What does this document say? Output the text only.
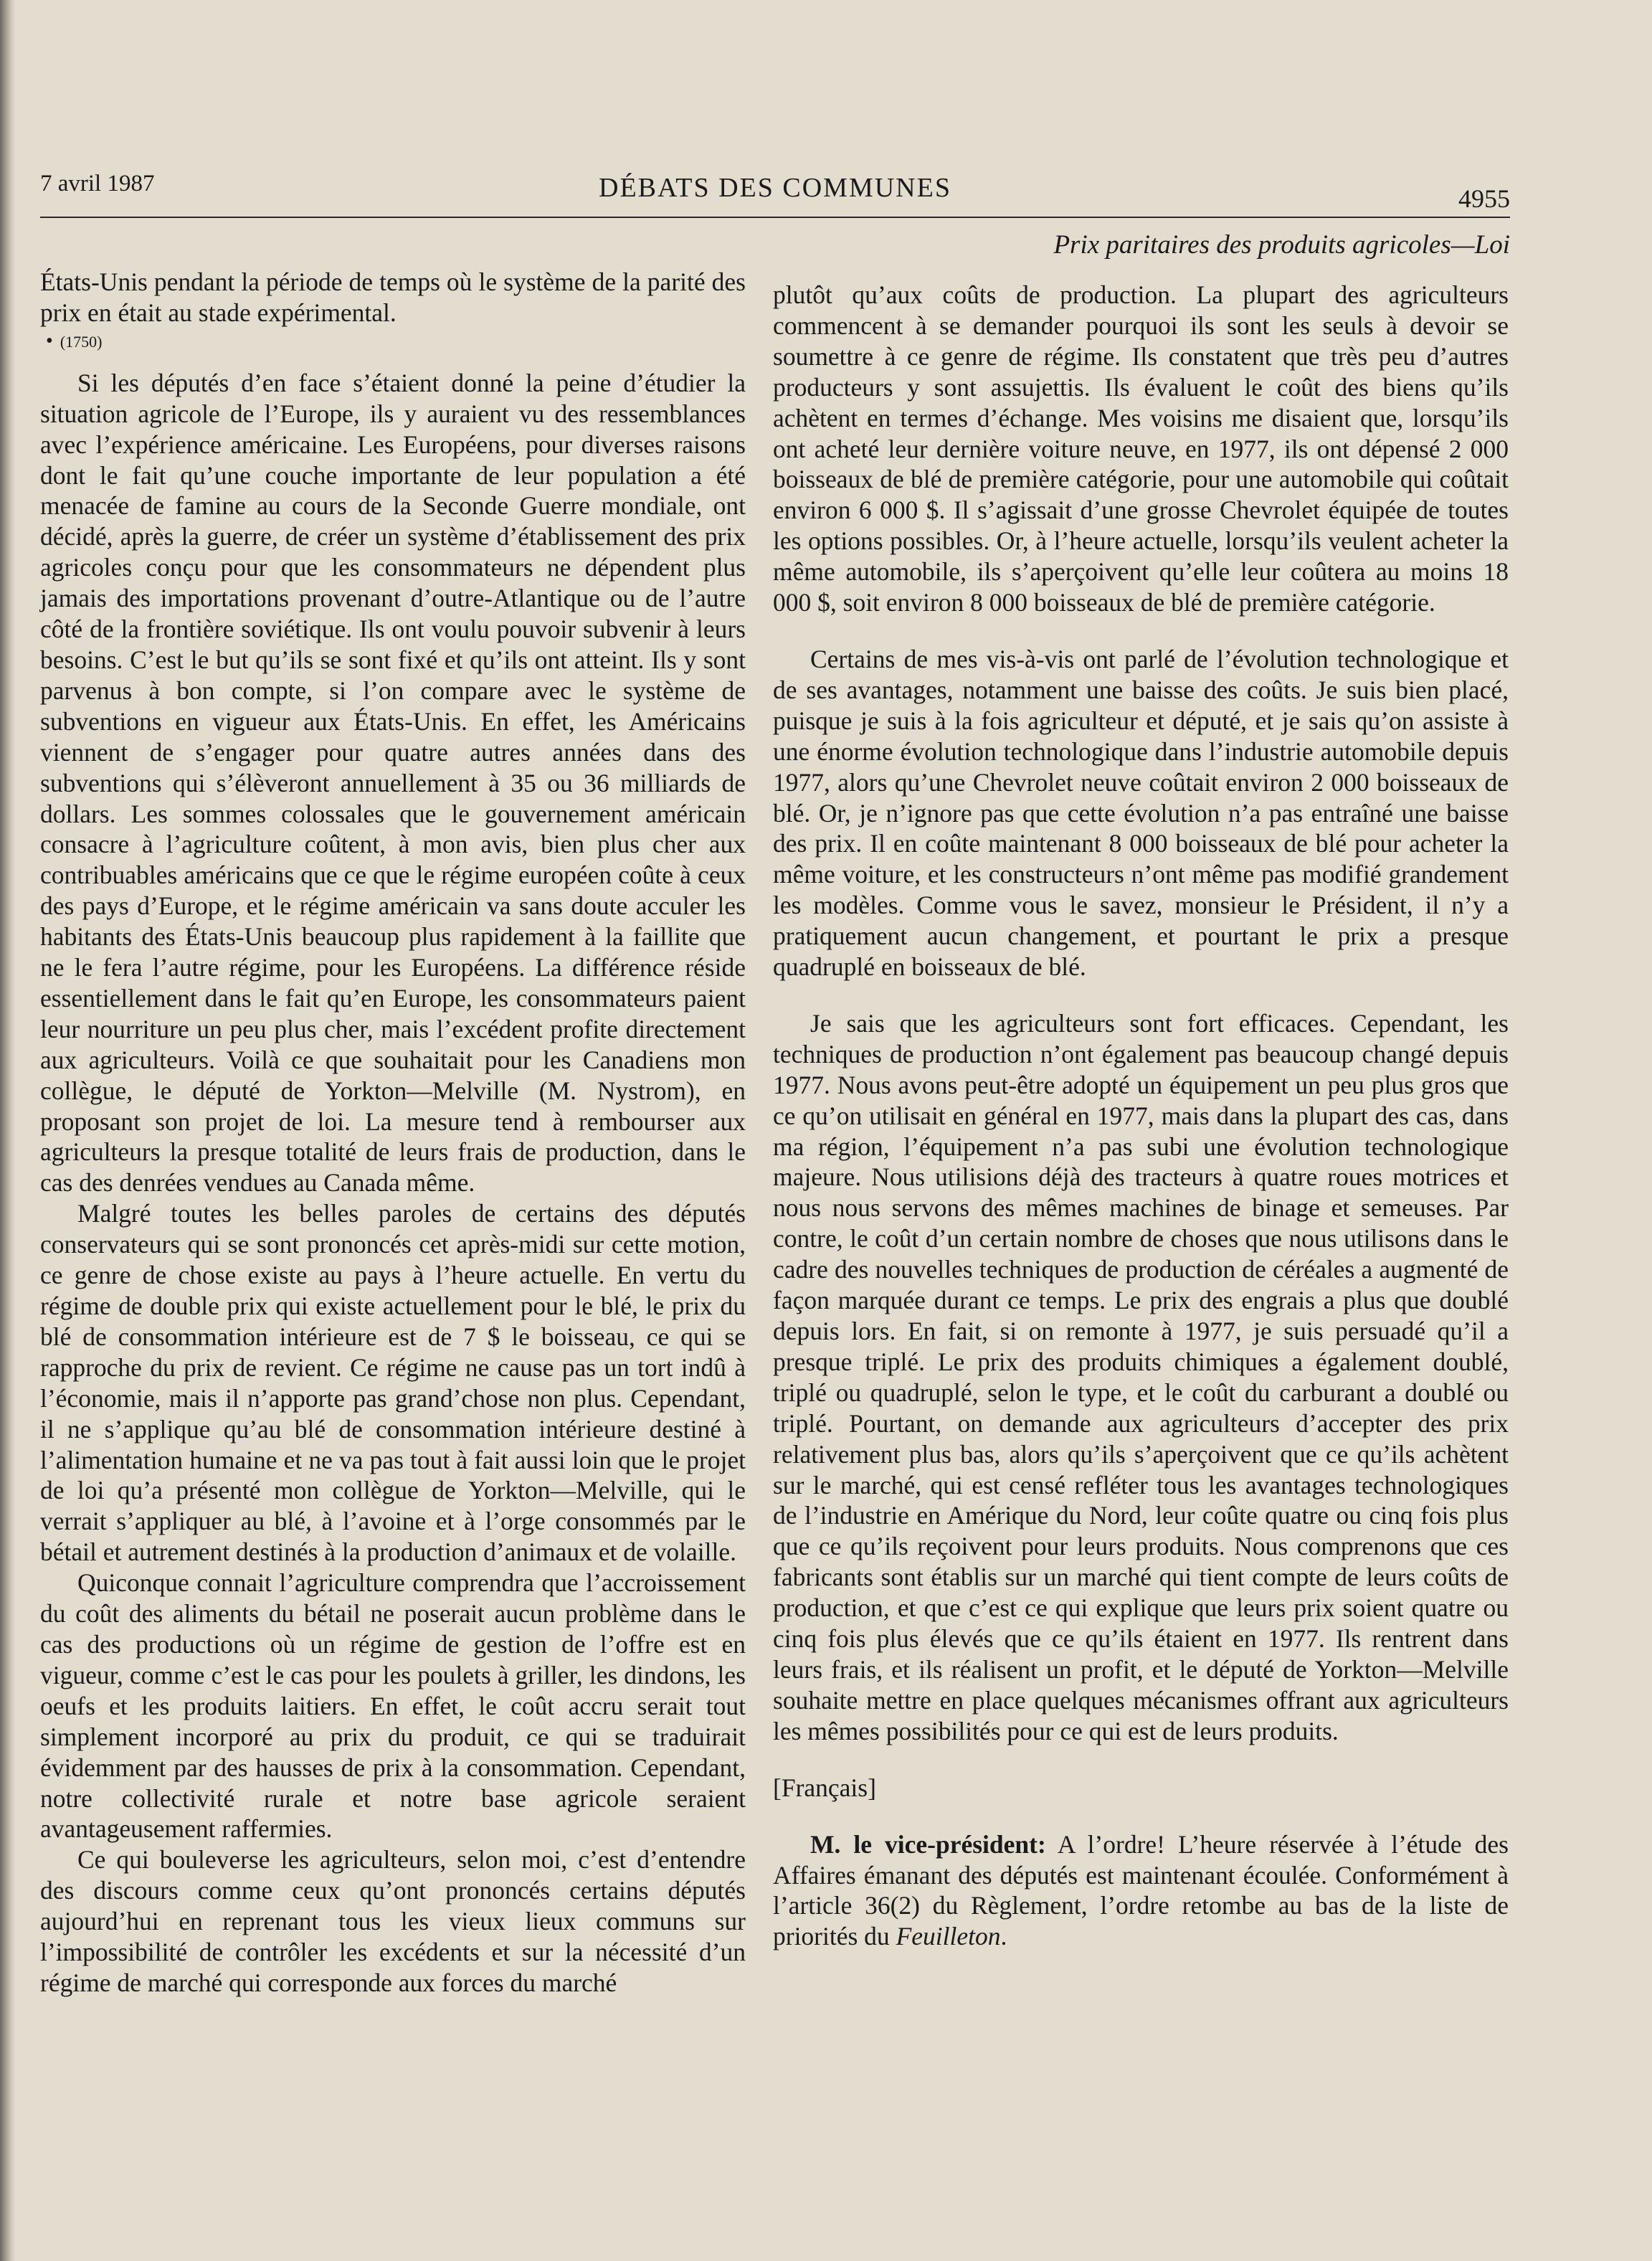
7 avril 1987	DÉBATS DES COMMUNES	4955
Prix paritaires des produits agricoles—Loi

États-Unis pendant la période de temps où le système de la parité des prix en était au stade expérimental.

• (1750)

Si les députés d’en face s’étaient donné la peine d’étudier la situation agricole de l’Europe, ils y auraient vu des ressemblances avec l’expérience américaine. Les Européens, pour diverses raisons dont le fait qu’une couche importante de leur population a été menacée de famine au cours de la Seconde Guerre mondiale, ont décidé, après la guerre, de créer un système d’établissement des prix agricoles conçu pour que les consommateurs ne dépendent plus jamais des importations provenant d’outre-Atlantique ou de l’autre côté de la frontière soviétique. Ils ont voulu pouvoir subvenir à leurs besoins. C’est le but qu’ils se sont fixé et qu’ils ont atteint. Ils y sont parvenus à bon compte, si l’on compare avec le système de subventions en vigueur aux États-Unis. En effet, les Américains viennent de s’engager pour quatre autres années dans des subventions qui s’élèveront annuellement à 35 ou 36 milliards de dollars. Les sommes colossales que le gouvernement américain consacre à l’agriculture coûtent, à mon avis, bien plus cher aux contribuables américains que ce que le régime européen coûte à ceux des pays d’Europe, et le régime américain va sans doute acculer les habitants des États-Unis beaucoup plus rapidement à la faillite que ne le fera l’autre régime, pour les Européens. La différence réside essentiellement dans le fait qu’en Europe, les consommateurs paient leur nourriture un peu plus cher, mais l’excédent profite directement aux agriculteurs. Voilà ce que souhaitait pour les Canadiens mon collègue, le député de Yorkton—Melville (M. Nystrom), en proposant son projet de loi. La mesure tend à rembourser aux agriculteurs la presque totalité de leurs frais de production, dans le cas des denrées vendues au Canada même.

Malgré toutes les belles paroles de certains des députés conservateurs qui se sont prononcés cet après-midi sur cette motion, ce genre de chose existe au pays à l’heure actuelle. En vertu du régime de double prix qui existe actuellement pour le blé, le prix du blé de consommation intérieure est de 7 $ le boisseau, ce qui se rapproche du prix de revient. Ce régime ne cause pas un tort indû à l’économie, mais il n’apporte pas grand’chose non plus. Cependant, il ne s’applique qu’au blé de consommation intérieure destiné à l’alimentation humaine et ne va pas tout à fait aussi loin que le projet de loi qu’a présenté mon collègue de Yorkton—Melville, qui le verrait s’appliquer au blé, à l’avoine et à l’orge consommés par le bétail et autrement destinés à la production d’animaux et de volaille.

Quiconque connait l’agriculture comprendra que l’accroissement du coût des aliments du bétail ne poserait aucun problème dans le cas des productions où un régime de gestion de l’offre est en vigueur, comme c’est le cas pour les poulets à griller, les dindons, les oeufs et les produits laitiers. En effet, le coût accru serait tout simplement incorporé au prix du produit, ce qui se traduirait évidemment par des hausses de prix à la consommation. Cependant, notre collectivité rurale et notre base agricole seraient avantageusement raffermies.

Ce qui bouleverse les agriculteurs, selon moi, c’est d’entendre des discours comme ceux qu’ont prononcés certains députés aujourd’hui en reprenant tous les vieux lieux communs sur l’impossibilité de contrôler les excédents et sur la nécessité d’un régime de marché qui corresponde aux forces du marché

plutôt qu’aux coûts de production. La plupart des agriculteurs commencent à se demander pourquoi ils sont les seuls à devoir se soumettre à ce genre de régime. Ils constatent que très peu d’autres producteurs y sont assujettis. Ils évaluent le coût des biens qu’ils achètent en termes d’échange. Mes voisins me disaient que, lorsqu’ils ont acheté leur dernière voiture neuve, en 1977, ils ont dépensé 2 000 boisseaux de blé de première catégorie, pour une automobile qui coûtait environ 6 000 $. Il s’agissait d’une grosse Chevrolet équipée de toutes les options possibles. Or, à l’heure actuelle, lorsqu’ils veulent acheter la même automobile, ils s’aperçoivent qu’elle leur coûtera au moins 18 000 $, soit environ 8 000 boisseaux de blé de première catégorie.

Certains de mes vis-à-vis ont parlé de l’évolution technologique et de ses avantages, notamment une baisse des coûts. Je suis bien placé, puisque je suis à la fois agriculteur et député, et je sais qu’on assiste à une énorme évolution technologique dans l’industrie automobile depuis 1977, alors qu’une Chevrolet neuve coûtait environ 2 000 boisseaux de blé. Or, je n’ignore pas que cette évolution n’a pas entraîné une baisse des prix. Il en coûte maintenant 8 000 boisseaux de blé pour acheter la même voiture, et les constructeurs n’ont même pas modifié grandement les modèles. Comme vous le savez, monsieur le Président, il n’y a pratiquement aucun changement, et pourtant le prix a presque quadruplé en boisseaux de blé.

Je sais que les agriculteurs sont fort efficaces. Cependant, les techniques de production n’ont également pas beaucoup changé depuis 1977. Nous avons peut-être adopté un équipement un peu plus gros que ce qu’on utilisait en général en 1977, mais dans la plupart des cas, dans ma région, l’équipement n’a pas subi une évolution technologique majeure. Nous utilisions déjà des tracteurs à quatre roues motrices et nous nous servons des mêmes machines de binage et semeuses. Par contre, le coût d’un certain nombre de choses que nous utilisons dans le cadre des nouvelles techniques de production de céréales a augmenté de façon marquée durant ce temps. Le prix des engrais a plus que doublé depuis lors. En fait, si on remonte à 1977, je suis persuadé qu’il a presque triplé. Le prix des produits chimiques a également doublé, triplé ou quadruplé, selon le type, et le coût du carburant a doublé ou triplé. Pourtant, on demande aux agriculteurs d’accepter des prix relativement plus bas, alors qu’ils s’aperçoivent que ce qu’ils achètent sur le marché, qui est censé refléter tous les avantages technologiques de l’industrie en Amérique du Nord, leur coûte quatre ou cinq fois plus que ce qu’ils reçoivent pour leurs produits. Nous comprenons que ces fabricants sont établis sur un marché qui tient compte de leurs coûts de production, et que c’est ce qui explique que leurs prix soient quatre ou cinq fois plus élevés que ce qu’ils étaient en 1977. Ils rentrent dans leurs frais, et ils réalisent un profit, et le député de Yorkton—Melville souhaite mettre en place quelques mécanismes offrant aux agriculteurs les mêmes possibilités pour ce qui est de leurs produits.

[Français]

M. le vice-président: A l’ordre! L’heure réservée à l’étude des Affaires émanant des députés est maintenant écoulée. Conformément à l’article 36(2) du Règlement, l’ordre retombe au bas de la liste de priorités du Feuilleton.
